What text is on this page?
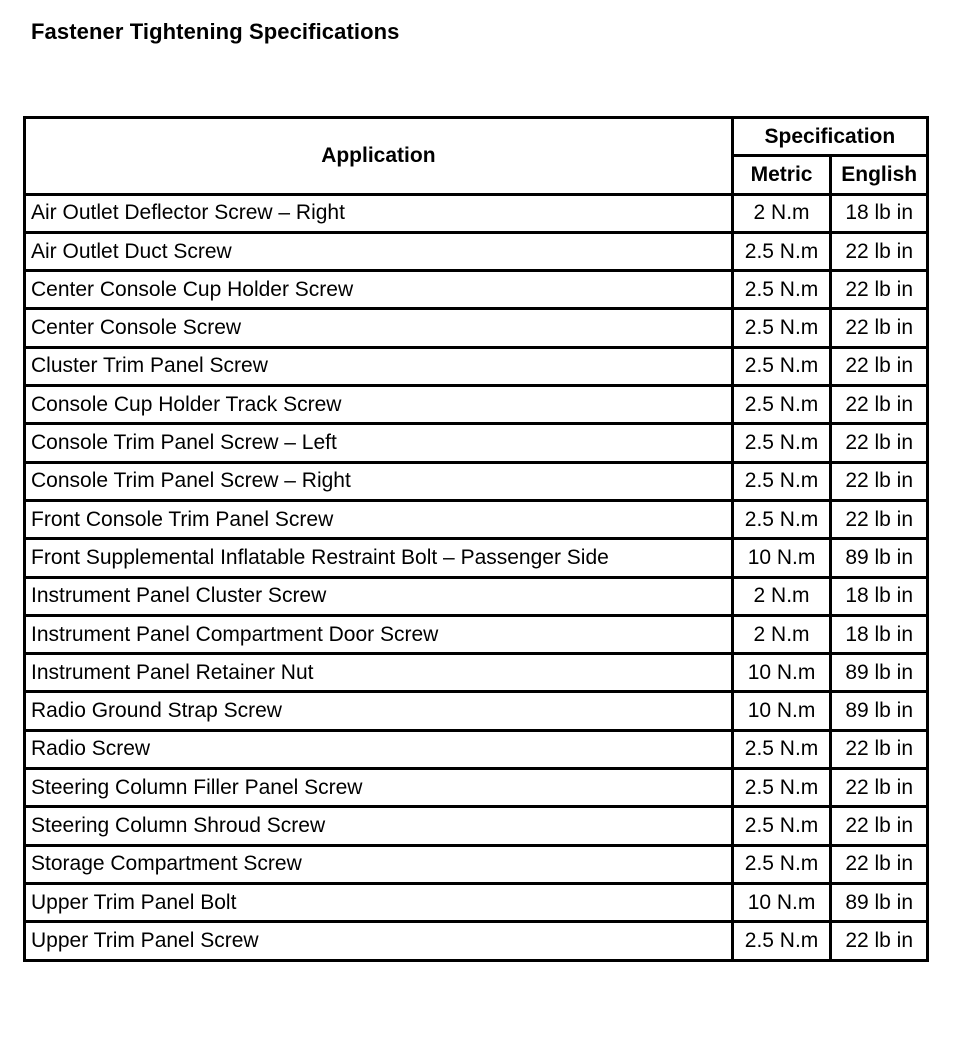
Fastener Tightening Specifications
Application	Specification	
	Metric	English
Air Outlet Deflector Screw – Right	2 N.m	18 lb in
Air Outlet Duct Screw	2.5 N.m	22 lb in
Center Console Cup Holder Screw	2.5 N.m	22 lb in
Center Console Screw	2.5 N.m	22 lb in
Cluster Trim Panel Screw	2.5 N.m	22 lb in
Console Cup Holder Track Screw	2.5 N.m	22 lb in
Console Trim Panel Screw – Left	2.5 N.m	22 lb in
Console Trim Panel Screw – Right	2.5 N.m	22 lb in
Front Console Trim Panel Screw	2.5 N.m	22 lb in
Front Supplemental Inflatable Restraint Bolt – Passenger Side	10 N.m	89 lb in
Instrument Panel Cluster Screw	2 N.m	18 lb in
Instrument Panel Compartment Door Screw	2 N.m	18 lb in
Instrument Panel Retainer Nut	10 N.m	89 lb in
Radio Ground Strap Screw	10 N.m	89 lb in
Radio Screw	2.5 N.m	22 lb in
Steering Column Filler Panel Screw	2.5 N.m	22 lb in
Steering Column Shroud Screw	2.5 N.m	22 lb in
Storage Compartment Screw	2.5 N.m	22 lb in
Upper Trim Panel Bolt	10 N.m	89 lb in
Upper Trim Panel Screw	2.5 N.m	22 lb in
